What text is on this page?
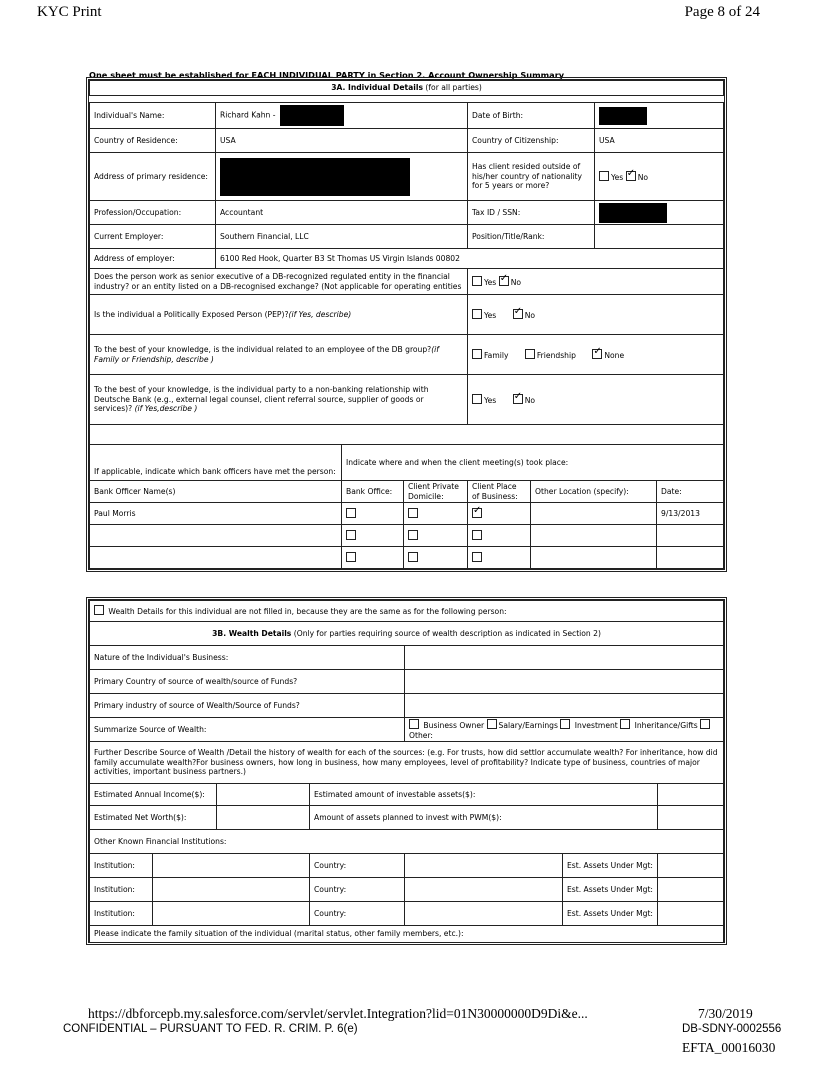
KYC Print	Page 8 of 24
One sheet must be established for EACH INDIVIDUAL PARTY in Section 2. Account Ownership Summary
3A. Individual Details (for all parties)							

Individual's Name:	Richard Kahn -			Date of Birth:			
Country of Residence:	USA			Country of Citizenship:		USA	
Address of primary residence:				Has client resided outside of his/her country of nationality for 5 years or more?		Yes ✓ No
Profession/Occupation:	Accountant			Tax ID / SSN:			
Current Employer:	Southern Financial, LLC			Position/Title/Rank:			
Address of employer:	6100 Red Hook, Quarter B3 St Thomas US Virgin Islands 00802						
Does the person work as senior executive of a DB-recognized regulated entity in the financial industry? or an entity listed on a DB-recognised exchange? (Not applicable for operating entities				Yes ✓ No
Is the individual a Politically Exposed Person (PEP)?(if Yes, describe)				Yes ✓ No
To the best of your knowledge, is the individual related to an employee of the DB group?(if Family or Friendship, describe )				Family Friendship ✓ None
To the best of your knowledge, is the individual party to a non-banking relationship with Deutsche Bank (e.g., external legal counsel, client referral source, supplier of goods or services)? (if Yes,describe )				Yes ✓ No

If applicable, indicate which bank officers have met the person:		Indicate where and when the client meeting(s) took place:					
Bank Officer Name(s)		Bank Office:	Client Private Domicile:	Client Place of Business:	Other Location (specify):		Date:
Paul Morris			✓				9/13/2013

Wealth Details for this individual are not filled in, because they are the same as for the following person:						
3B. Wealth Details (Only for parties requiring source of wealth description as indicated in Section 2)						
Nature of the Individual's Business:						
Primary Country of source of wealth/source of Funds?						
Primary industry of source of Wealth/Source of Funds?						
Summarize Source of Wealth:				Business Owner Salary/Earnings Investment Inheritance/Gifts  Other:		
Further Describe Source of Wealth /Detail the history of wealth for each of the sources: (e.g. For trusts, how did settlor accumulate wealth? For inheritance, how did family accumulate wealth?For business owners, how long in business, how many employees, level of profitability? Indicate type of business, countries of major activities, important business partners.)						
Estimated Annual Income($):			Estimated amount of investable assets($):			
Estimated Net Worth($):			Amount of assets planned to invest with PWM($):			
Other Known Financial Institutions:						
Institution:			Country:		Est. Assets Under Mgt:	
Institution:			Country:		Est. Assets Under Mgt:	
Institution:			Country:		Est. Assets Under Mgt:	
Please indicate the family situation of the individual (marital status, other family members, etc.):						
https://dbforcepb.my.salesforce.com/servlet/servlet.Integration?lid=01N30000000D9Di&e...	7/30/2019
CONFIDENTIAL – PURSUANT TO FED. R. CRIM. P. 6(e)	DB-SDNY-0002556
EFTA_00016030
